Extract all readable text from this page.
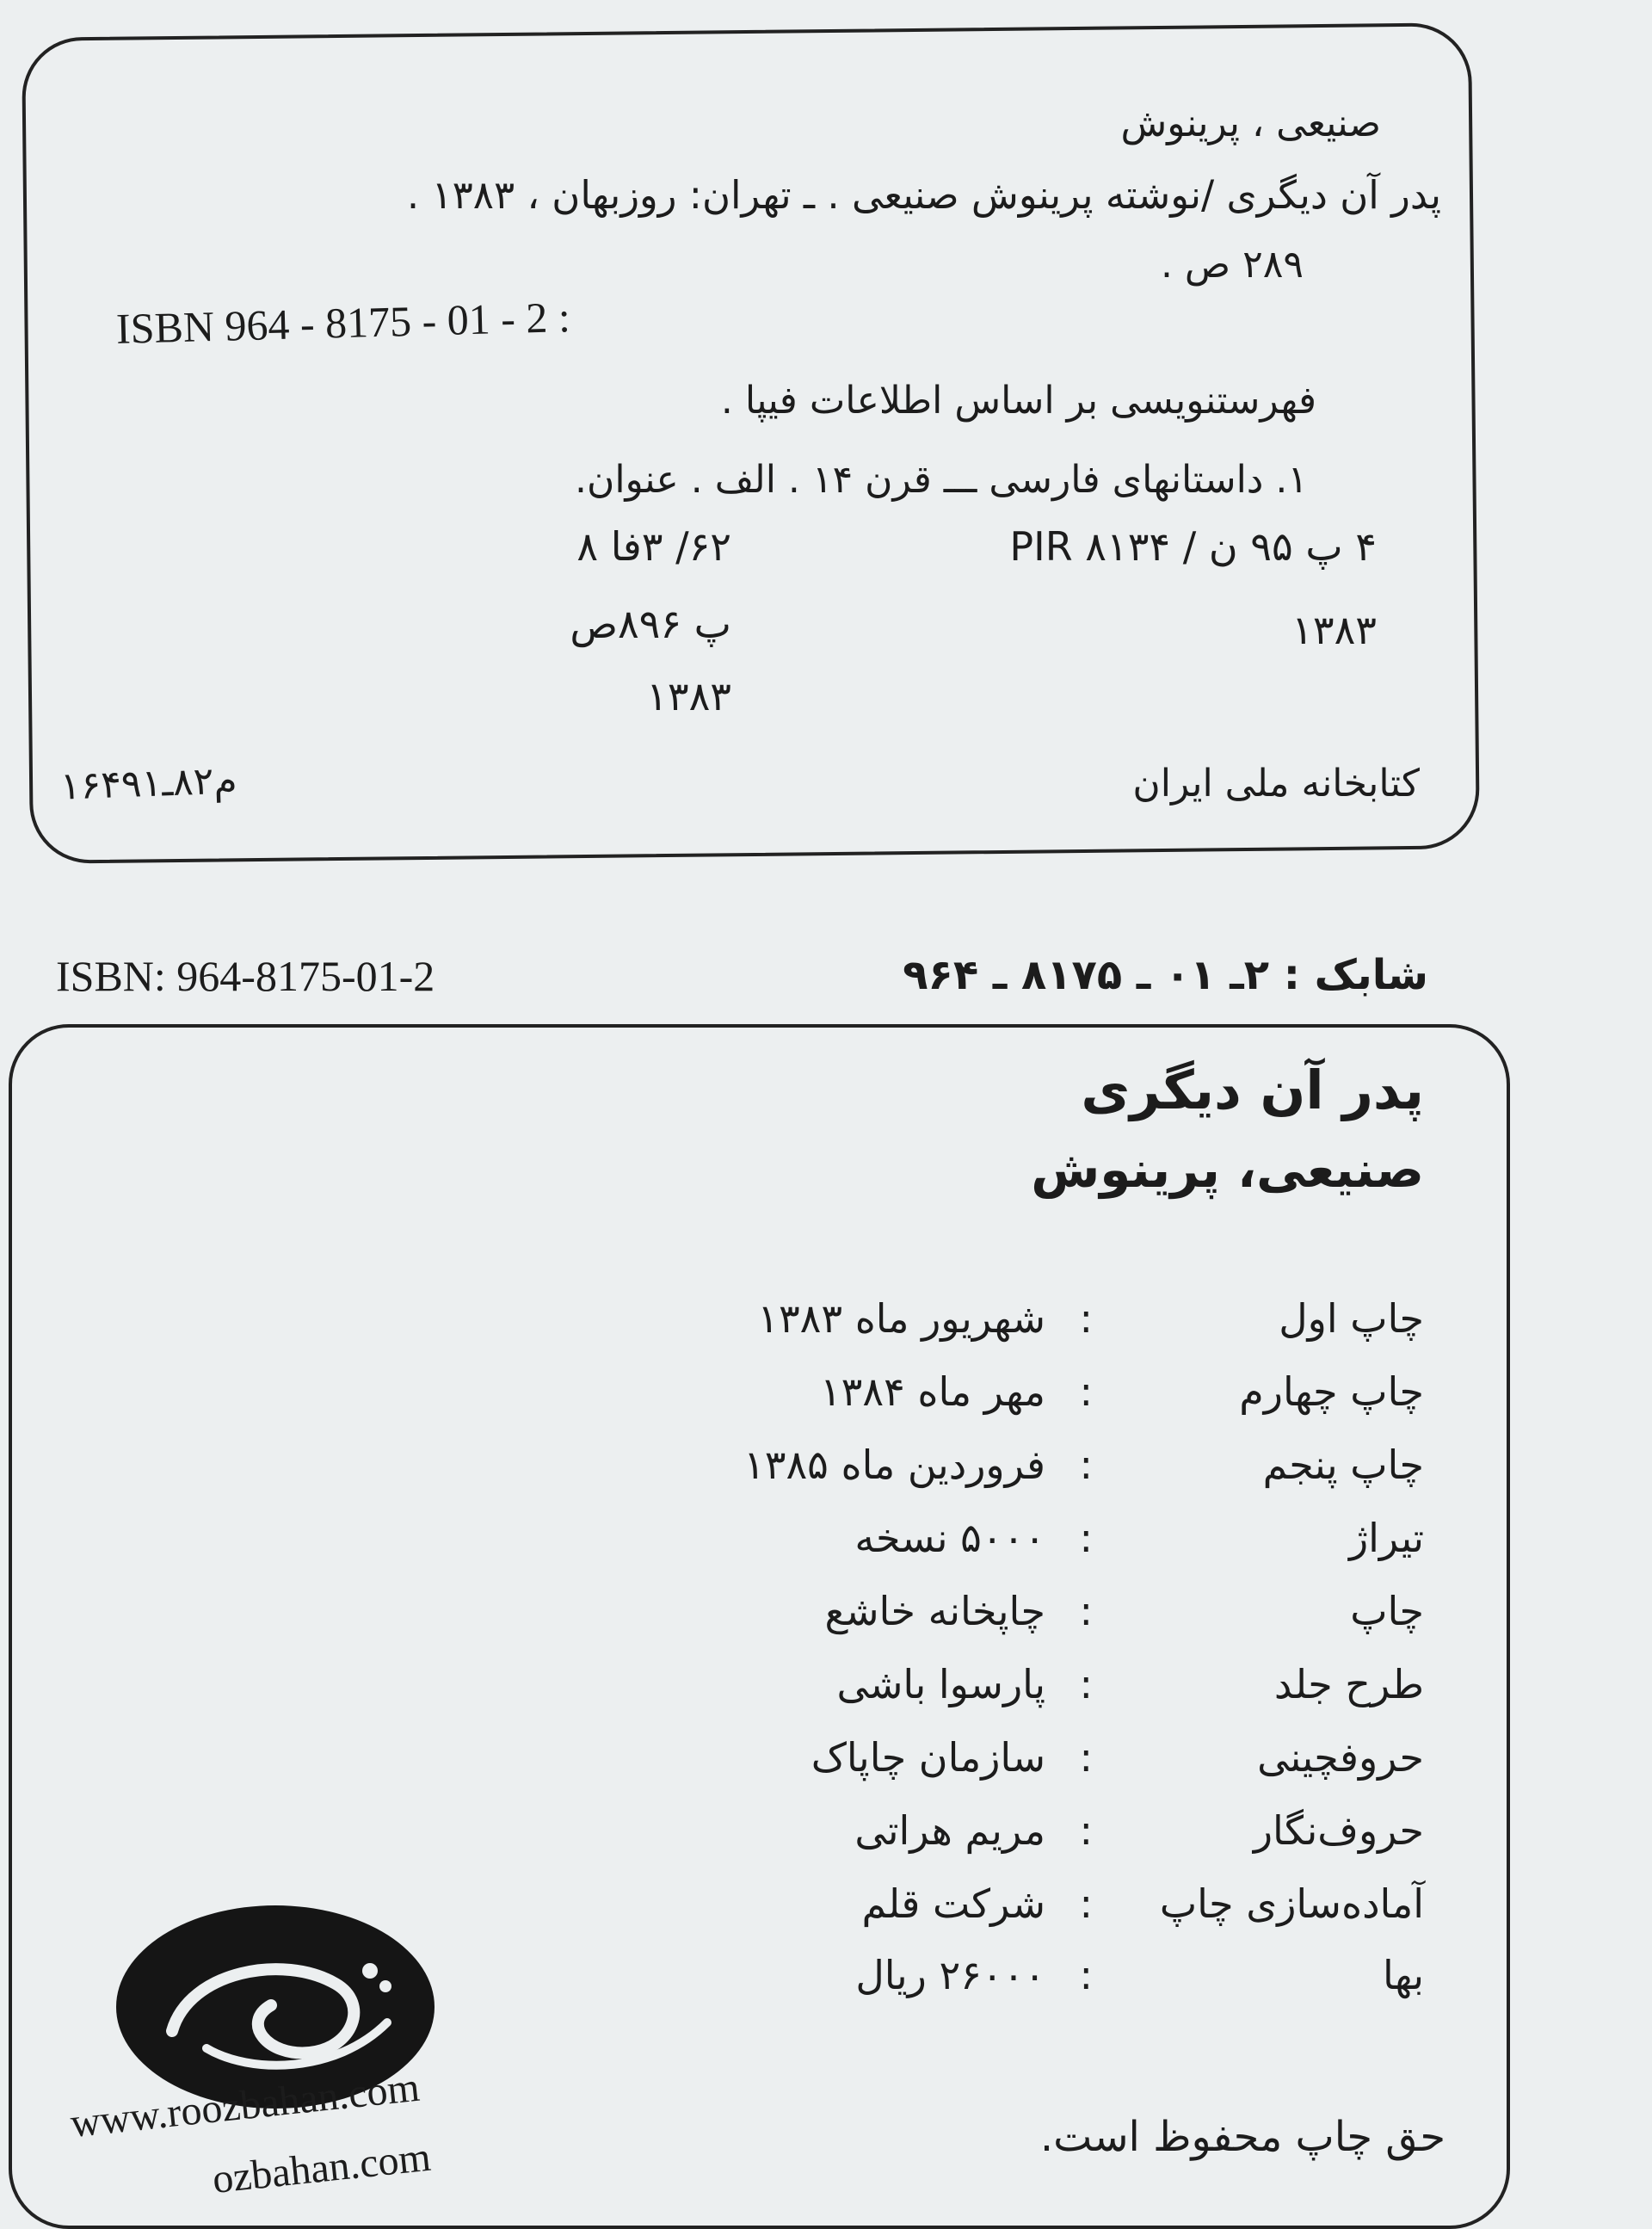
صنیعی ، پرینوش
پدر آن دیگری /نوشته پرینوش صنیعی . ـ تهران: روزبهان ، ۱۳۸۳ .
۲۸۹ ص .
ISBN 964 - 8175 - 01 - 2 :
فهرستنویسی بر اساس اطلاعات فیپا .
۱. داستانهای فارسی ـــ قرن ۱۴ . الف . عنوان.
۴ پ ۹۵ ن / PIR ۸۱۳۴
۱۳۸۳
۶۲/ ۳فا ۸
پ ۸۹۶ص
۱۳۸۳
کتابخانه ملی ایران
م۸۲ـ۱۶۴۹۱
ISBN: 964-8175-01-2	شابک : ۲ـ ۰۱ ـ ۸۱۷۵ ـ ۹۶۴
پدر آن دیگری
صنیعی، پرینوش
چاپ اول
:
شهریور ماه ۱۳۸۳
چاپ چهارم
:
مهر ماه ۱۳۸۴
چاپ پنجم
:
فروردین ماه ۱۳۸۵
تیراژ
:
۵۰۰۰ نسخه
چاپ
:
چاپخانه خاشع
طرح جلد
:
پارسوا باشی
حروفچینی
:
سازمان چاپاک
حروف‌نگار
:
مریم هراتی
آماده‌سازی چاپ
:
شرکت قلم
بها
:
۲۶۰۰۰ ریال
www.roozbahan.com
ozbahan.com	حق چاپ محفوظ است.
